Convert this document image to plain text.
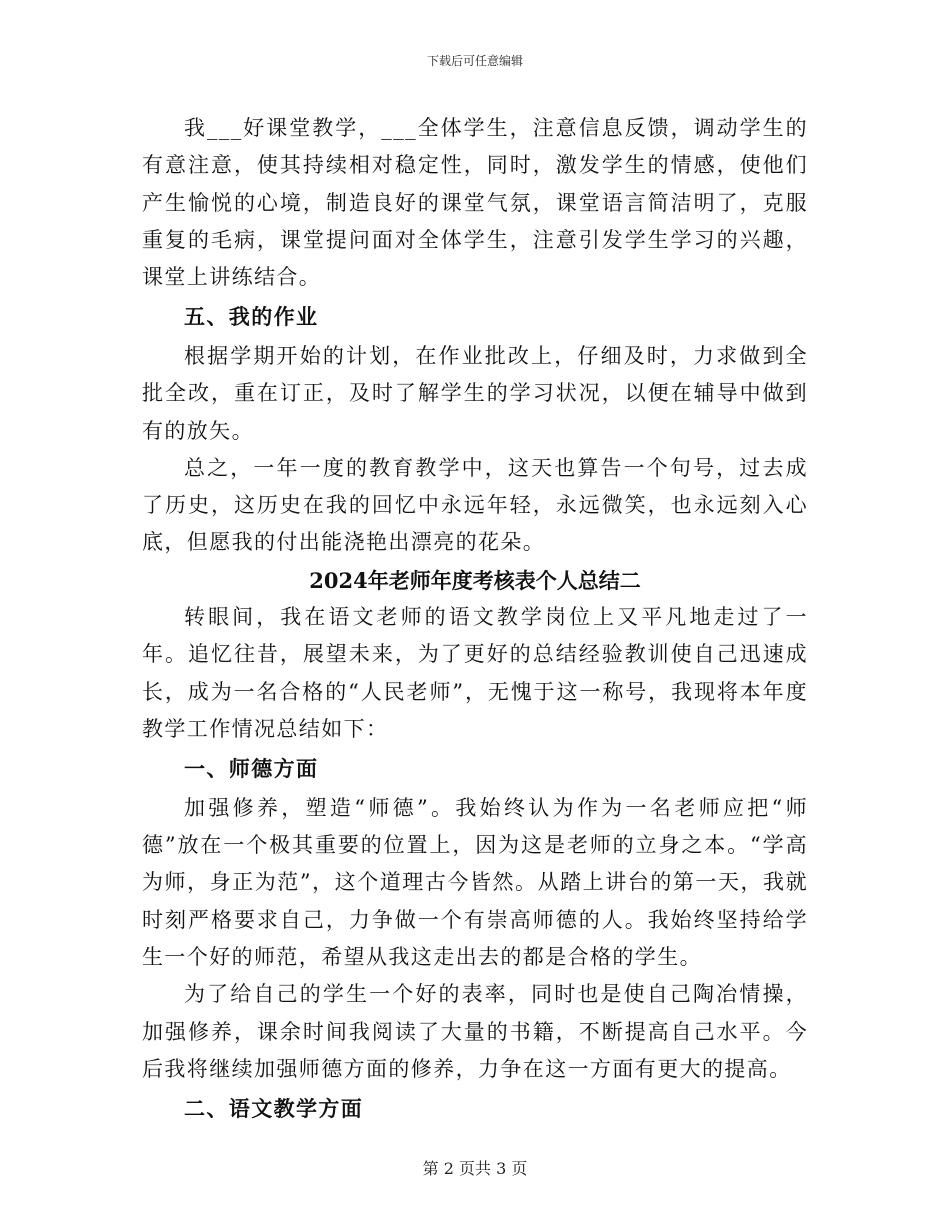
下载后可任意编辑

我___好课堂教学，___全体学生，注意信息反馈，调动学生的有意注意，使其持续相对稳定性，同时，激发学生的情感，使他们产生愉悦的心境，制造良好的课堂气氛，课堂语言简洁明了，克服重复的毛病，课堂提问面对全体学生，注意引发学生学习的兴趣，课堂上讲练结合。

五、我的作业

根据学期开始的计划，在作业批改上，仔细及时，力求做到全批全改，重在订正，及时了解学生的学习状况，以便在辅导中做到有的放矢。

总之，一年一度的教育教学中，这天也算告一个句号，过去成了历史，这历史在我的回忆中永远年轻，永远微笑，也永远刻入心底，但愿我的付出能浇艳出漂亮的花朵。

2024年老师年度考核表个人总结二

转眼间，我在语文老师的语文教学岗位上又平凡地走过了一年。追忆往昔，展望未来，为了更好的总结经验教训使自己迅速成长，成为一名合格的“人民老师”，无愧于这一称号，我现将本年度教学工作情况总结如下：

一、师德方面

加强修养，塑造“师德”。我始终认为作为一名老师应把“师德”放在一个极其重要的位置上，因为这是老师的立身之本。“学高为师，身正为范”，这个道理古今皆然。从踏上讲台的第一天，我就时刻严格要求自己，力争做一个有崇高师德的人。我始终坚持给学生一个好的师范，希望从我这走出去的都是合格的学生。

为了给自己的学生一个好的表率，同时也是使自己陶冶情操，加强修养，课余时间我阅读了大量的书籍，不断提高自己水平。今后我将继续加强师德方面的修养，力争在这一方面有更大的提高。

二、语文教学方面
第 2 页共 3 页
